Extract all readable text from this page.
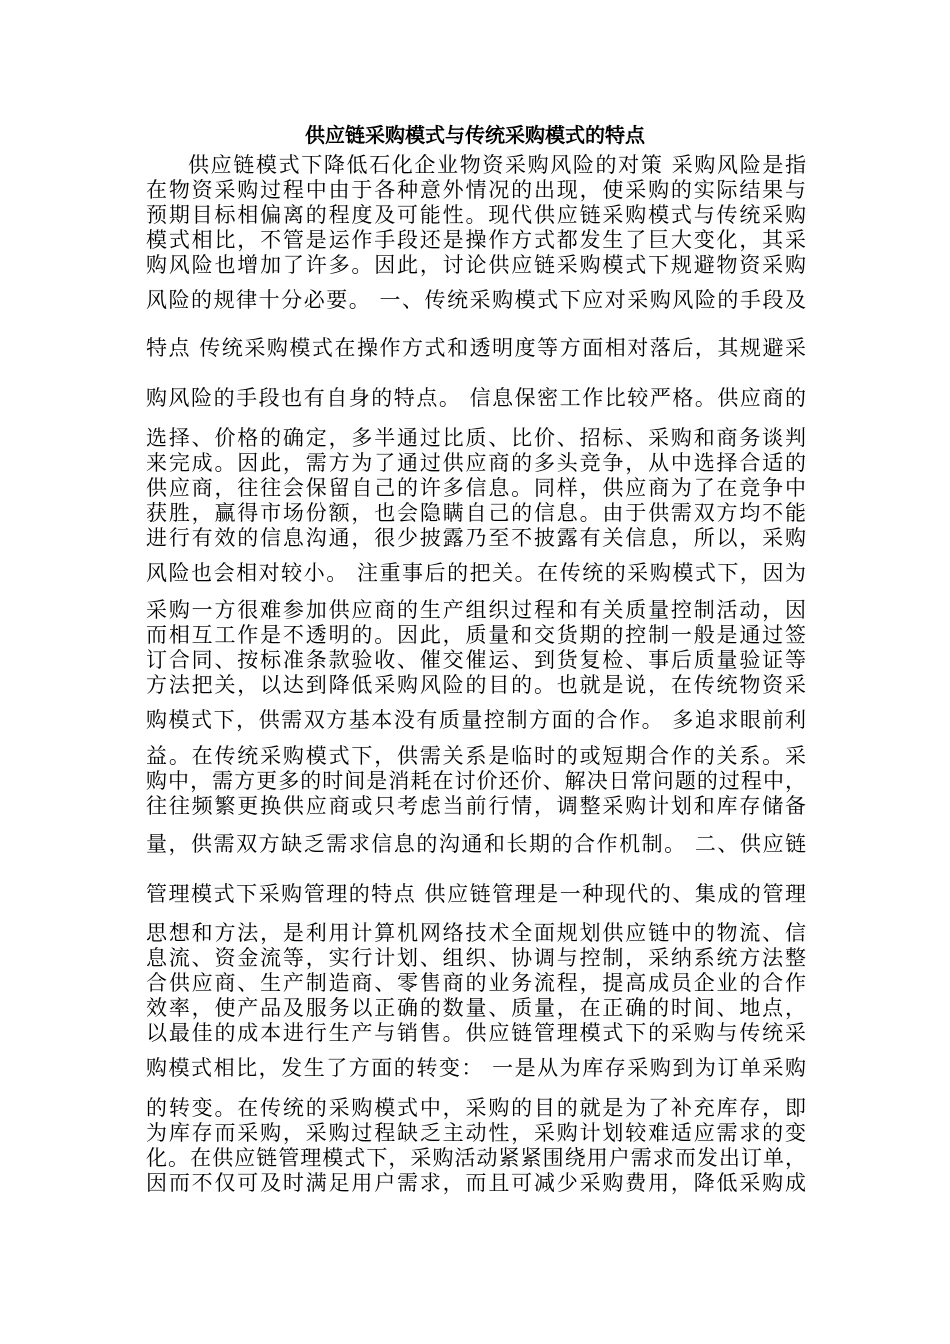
供应链采购模式与传统采购模式的特点
供应链模式下降低石化企业物资采购风险的对策 采购风险是指
在物资采购过程中由于各种意外情况的出现，使采购的实际结果与
预期目标相偏离的程度及可能性。现代供应链采购模式与传统采购
模式相比，不管是运作手段还是操作方式都发生了巨大变化，其采
购风险也增加了许多。因此，讨论供应链采购模式下规避物资采购
风险的规律十分必要。 一、传统采购模式下应对采购风险的手段及
特点 传统采购模式在操作方式和透明度等方面相对落后，其规避采
购风险的手段也有自身的特点。 信息保密工作比较严格。供应商的
选择、价格的确定，多半通过比质、比价、招标、采购和商务谈判
来完成。因此，需方为了通过供应商的多头竞争，从中选择合适的
供应商，往往会保留自己的许多信息。同样，供应商为了在竞争中
获胜，赢得市场份额，也会隐瞒自己的信息。由于供需双方均不能
进行有效的信息沟通，很少披露乃至不披露有关信息，所以，采购
风险也会相对较小。 注重事后的把关。在传统的采购模式下，因为
采购一方很难参加供应商的生产组织过程和有关质量控制活动，因
而相互工作是不透明的。因此，质量和交货期的控制一般是通过签
订合同、按标准条款验收、催交催运、到货复检、事后质量验证等
方法把关，以达到降低采购风险的目的。也就是说，在传统物资采
购模式下，供需双方基本没有质量控制方面的合作。 多追求眼前利
益。在传统采购模式下，供需关系是临时的或短期合作的关系。采
购中，需方更多的时间是消耗在讨价还价、解决日常问题的过程中，
往往频繁更换供应商或只考虑当前行情，调整采购计划和库存储备
量，供需双方缺乏需求信息的沟通和长期的合作机制。 二、供应链
管理模式下采购管理的特点 供应链管理是一种现代的、集成的管理
思想和方法，是利用计算机网络技术全面规划供应链中的物流、信
息流、资金流等，实行计划、组织、协调与控制，采纳系统方法整
合供应商、生产制造商、零售商的业务流程，提高成员企业的合作
效率，使产品及服务以正确的数量、质量，在正确的时间、地点，
以最佳的成本进行生产与销售。供应链管理模式下的采购与传统采
购模式相比，发生了方面的转变： 一是从为库存采购到为订单采购
的转变。在传统的采购模式中，采购的目的就是为了补充库存，即
为库存而采购，采购过程缺乏主动性，采购计划较难适应需求的变
化。在供应链管理模式下，采购活动紧紧围绕用户需求而发出订单，
因而不仅可及时满足用户需求，而且可减少采购费用，降低采购成
